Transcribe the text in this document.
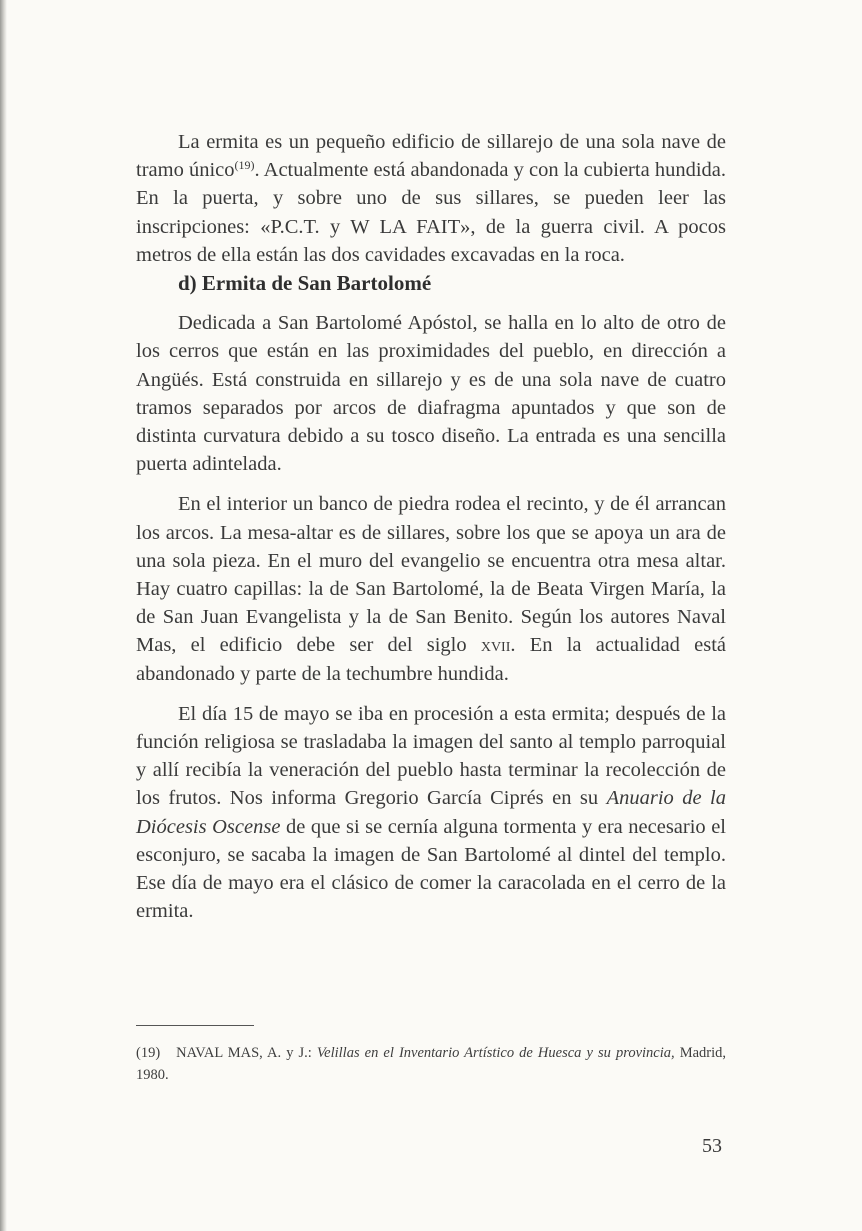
La ermita es un pequeño edificio de sillarejo de una sola nave de tramo único$^{(19)}$. Actualmente está abandonada y con la cubierta hundida. En la puerta, y sobre uno de sus sillares, se pueden leer las inscripciones: «P.C.T. y W LA FAIT», de la guerra civil. A pocos metros de ella están las dos cavidades excavadas en la roca.

d) Ermita de San Bartolomé

Dedicada a San Bartolomé Apóstol, se halla en lo alto de otro de los cerros que están en las proximidades del pueblo, en dirección a Angüés. Está construida en sillarejo y es de una sola nave de cuatro tramos separados por arcos de diafragma apuntados y que son de distinta curvatura debido a su tosco diseño. La entrada es una sencilla puerta adintelada.

En el interior un banco de piedra rodea el recinto, y de él arrancan los arcos. La mesa-altar es de sillares, sobre los que se apoya un ara de una sola pieza. En el muro del evangelio se encuentra otra mesa altar. Hay cuatro capillas: la de San Bartolomé, la de Beata Virgen María, la de San Juan Evangelista y la de San Benito. Según los autores Naval Mas, el edificio debe ser del siglo xvii. En la actualidad está abandonado y parte de la techumbre hundida.

El día 15 de mayo se iba en procesión a esta ermita; después de la función religiosa se trasladaba la imagen del santo al templo parroquial y allí recibía la veneración del pueblo hasta terminar la recolección de los frutos. Nos informa Gregorio García Ciprés en su Anuario de la Diócesis Oscense de que si se cernía alguna tormenta y era necesario el esconjuro, se sacaba la imagen de San Bartolomé al dintel del templo. Ese día de mayo era el clásico de comer la caracolada en el cerro de la ermita.

(19) NAVAL MAS, A. y J.: Velillas en el Inventario Artístico de Huesca y su provincia, Madrid, 1980.
53
